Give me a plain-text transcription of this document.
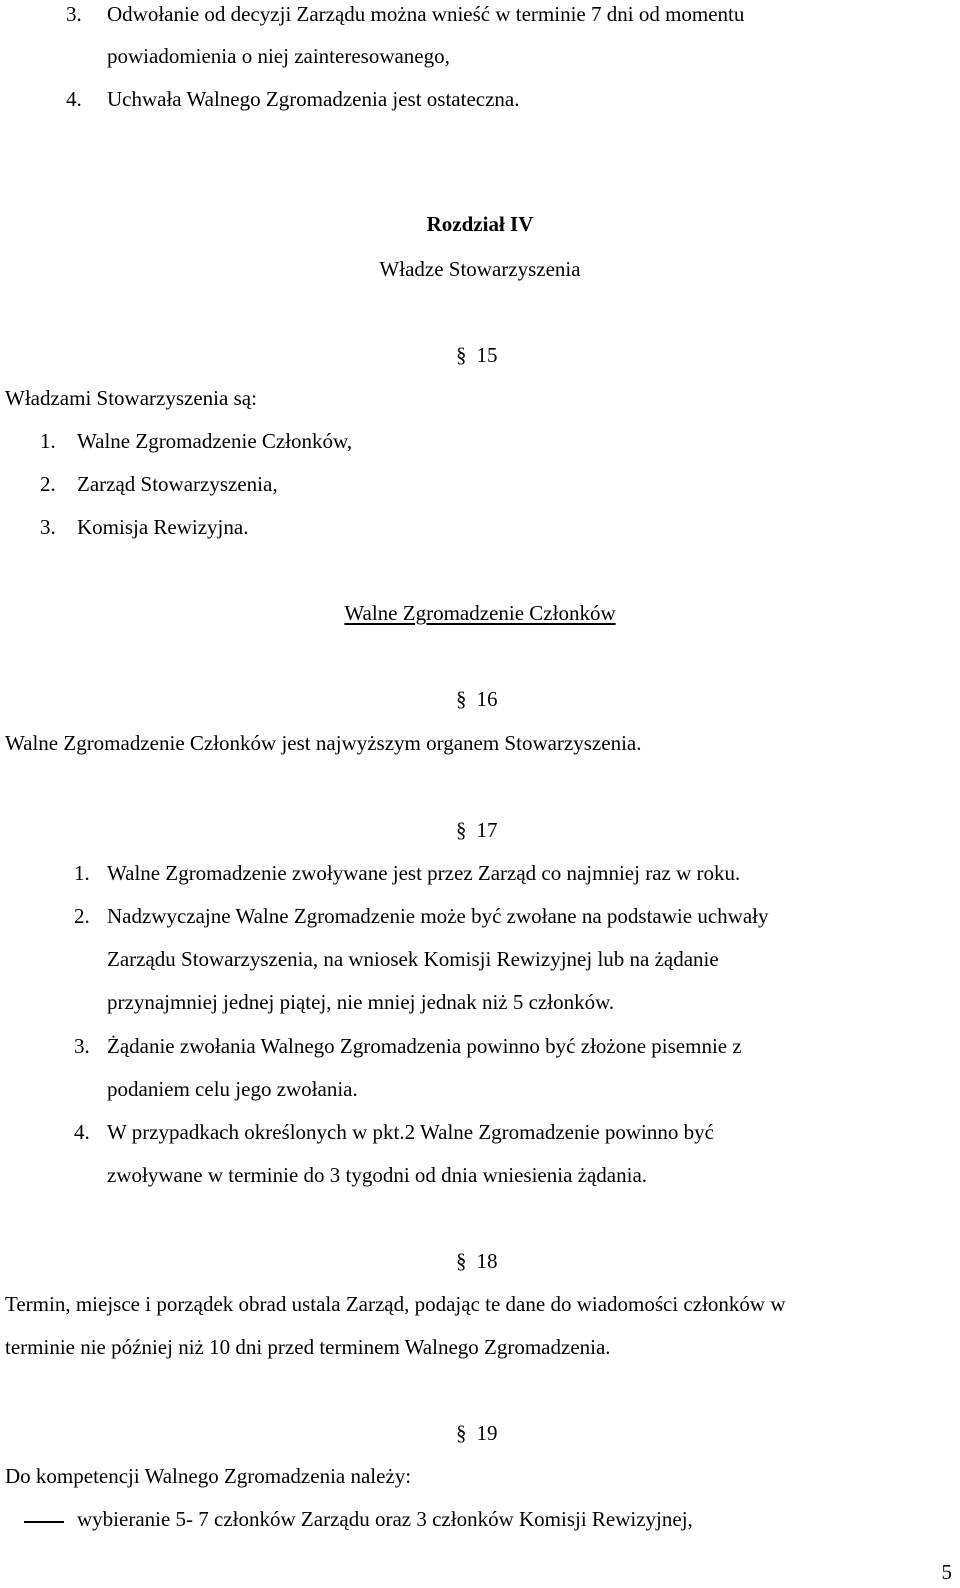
3. Odwołanie od decyzji Zarządu można wnieść w terminie 7 dni od momentu
powiadomienia o niej zainteresowanego,
4. Uchwała Walnego Zgromadzenia jest ostateczna.
Rozdział IV
Władze Stowarzyszenia
§ 15
Władzami Stowarzyszenia są:
1. Walne Zgromadzenie Członków,
2. Zarząd Stowarzyszenia,
3. Komisja Rewizyjna.
Walne Zgromadzenie Członków
§ 16
Walne Zgromadzenie Członków jest najwyższym organem Stowarzyszenia.
§ 17
1. Walne Zgromadzenie zwoływane jest przez Zarząd co najmniej raz w roku.
2. Nadzwyczajne Walne Zgromadzenie może być zwołane na podstawie uchwały
Zarządu Stowarzyszenia, na wniosek Komisji Rewizyjnej lub na żądanie
przynajmniej jednej piątej, nie mniej jednak niż 5 członków.
3. Żądanie zwołania Walnego Zgromadzenia powinno być złożone pisemnie z
podaniem celu jego zwołania.
4. W przypadkach określonych w pkt.2 Walne Zgromadzenie powinno być
zwoływane w terminie do 3 tygodni od dnia wniesienia żądania.
§ 18
Termin, miejsce i porządek obrad ustala Zarząd, podając te dane do wiadomości członków w
terminie nie później niż 10 dni przed terminem Walnego Zgromadzenia.
§ 19
Do kompetencji Walnego Zgromadzenia należy:
wybieranie 5- 7 członków Zarządu oraz 3 członków Komisji Rewizyjnej,
5
